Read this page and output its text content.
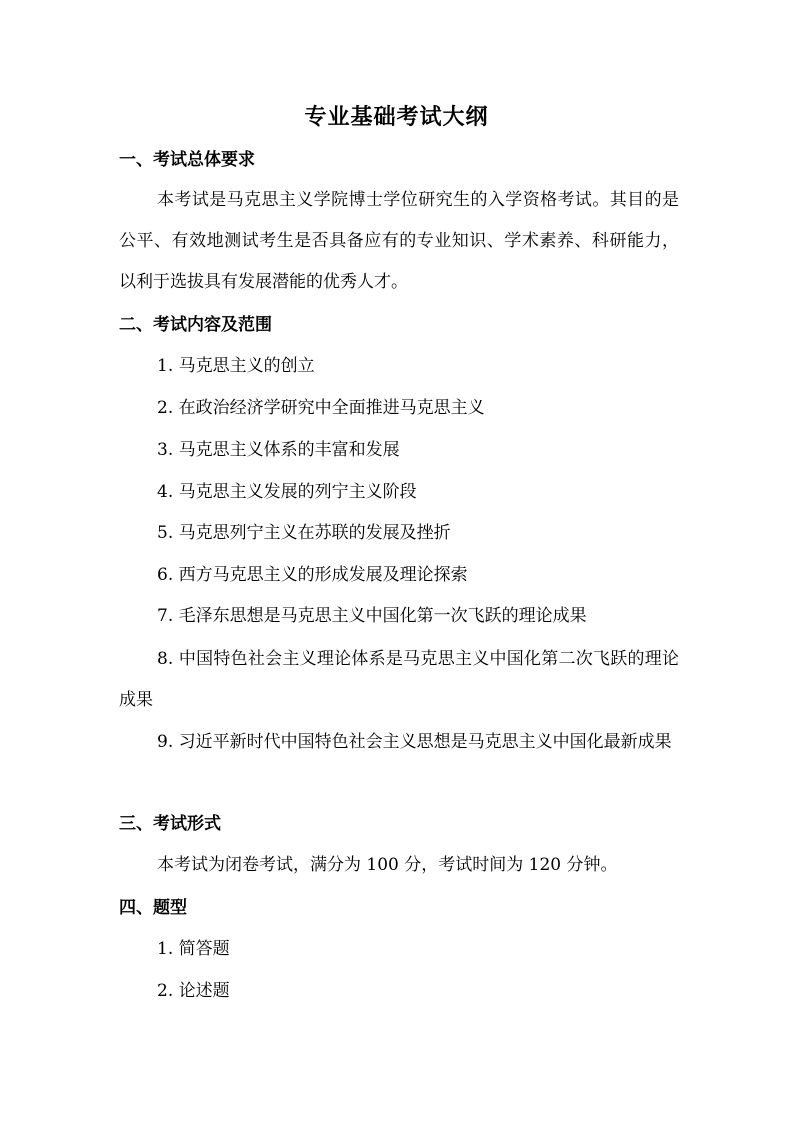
专业基础考试大纲
一、考试总体要求

本考试是马克思主义学院博士学位研究生的入学资格考试。其目的是公平、有效地测试考生是否具备应有的专业知识、学术素养、科研能力，以利于选拔具有发展潜能的优秀人才。

二、考试内容及范围
1. 马克思主义的创立
2. 在政治经济学研究中全面推进马克思主义
3. 马克思主义体系的丰富和发展
4. 马克思主义发展的列宁主义阶段
5. 马克思列宁主义在苏联的发展及挫折
6. 西方马克思主义的形成发展及理论探索
7. 毛泽东思想是马克思主义中国化第一次飞跃的理论成果

8. 中国特色社会主义理论体系是马克思主义中国化第二次飞跃的理论成果

9. 习近平新时代中国特色社会主义思想是马克思主义中国化最新成果

三、考试形式

本考试为闭卷考试，满分为 100 分，考试时间为 120 分钟。

四、题型
1. 简答题
2. 论述题
